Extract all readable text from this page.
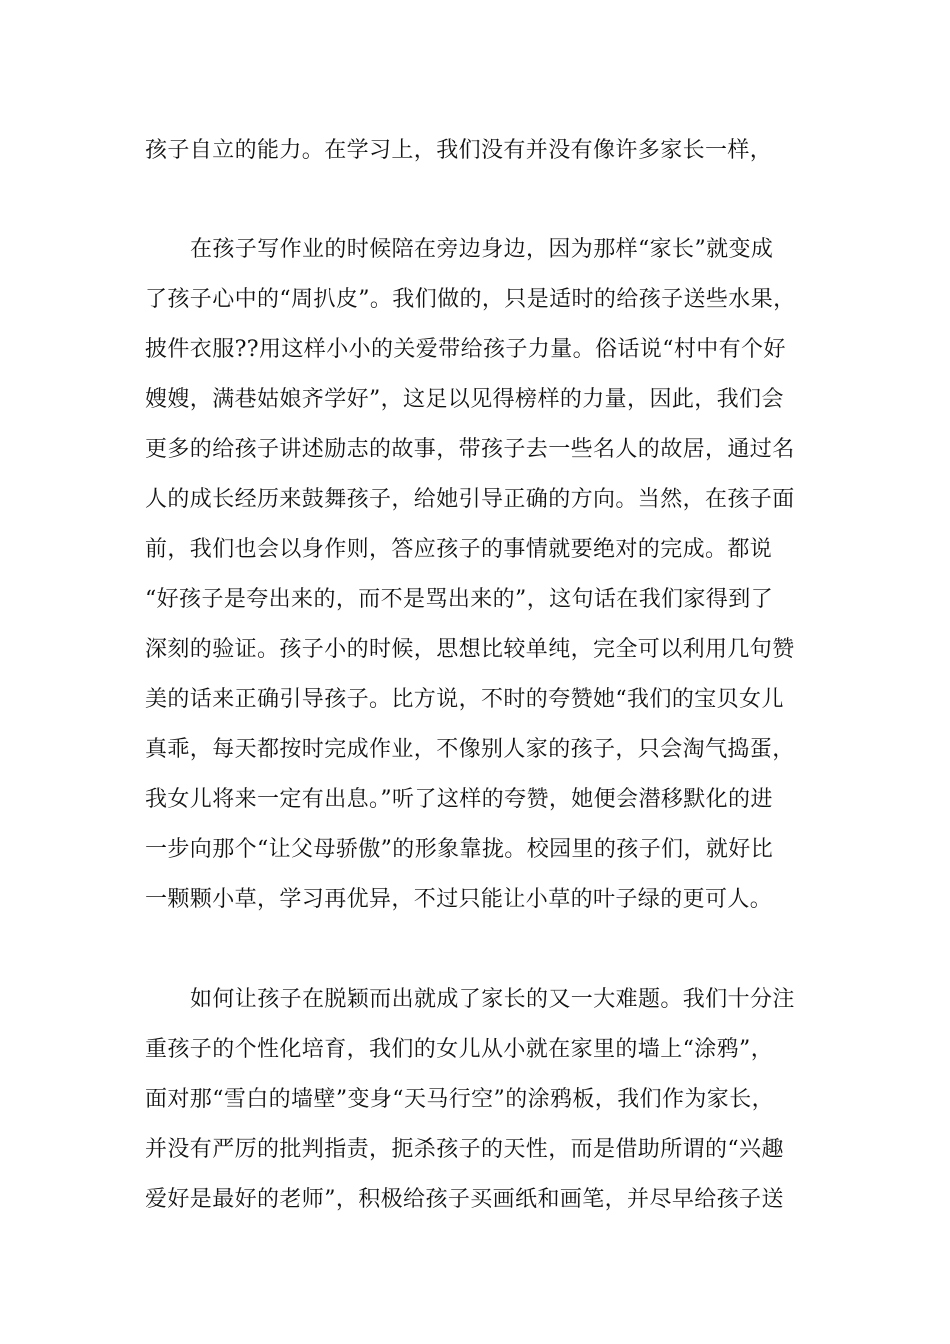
孩子自立的能力。在学习上，我们没有并没有像许多家长一样，
在孩子写作业的时候陪在旁边身边，因为那样“家长”就变成
了孩子心中的“周扒皮”。我们做的，只是适时的给孩子送些水果，
披件衣服??用这样小小的关爱带给孩子力量。俗话说“村中有个好
嫂嫂，满巷姑娘齐学好”，这足以见得榜样的力量，因此，我们会
更多的给孩子讲述励志的故事，带孩子去一些名人的故居，通过名
人的成长经历来鼓舞孩子，给她引导正确的方向。当然，在孩子面
前，我们也会以身作则，答应孩子的事情就要绝对的完成。都说
“好孩子是夸出来的，而不是骂出来的”，这句话在我们家得到了
深刻的验证。孩子小的时候，思想比较单纯，完全可以利用几句赞
美的话来正确引导孩子。比方说，不时的夸赞她“我们的宝贝女儿
真乖，每天都按时完成作业，不像别人家的孩子，只会淘气捣蛋，
我女儿将来一定有出息。”听了这样的夸赞，她便会潜移默化的进
一步向那个“让父母骄傲”的形象靠拢。校园里的孩子们，就好比
一颗颗小草，学习再优异，不过只能让小草的叶子绿的更可人。
如何让孩子在脱颖而出就成了家长的又一大难题。我们十分注
重孩子的个性化培育，我们的女儿从小就在家里的墙上“涂鸦”，
面对那“雪白的墙壁”变身“天马行空”的涂鸦板，我们作为家长，
并没有严厉的批判指责，扼杀孩子的天性，而是借助所谓的“兴趣
爱好是最好的老师”，积极给孩子买画纸和画笔，并尽早给孩子送
